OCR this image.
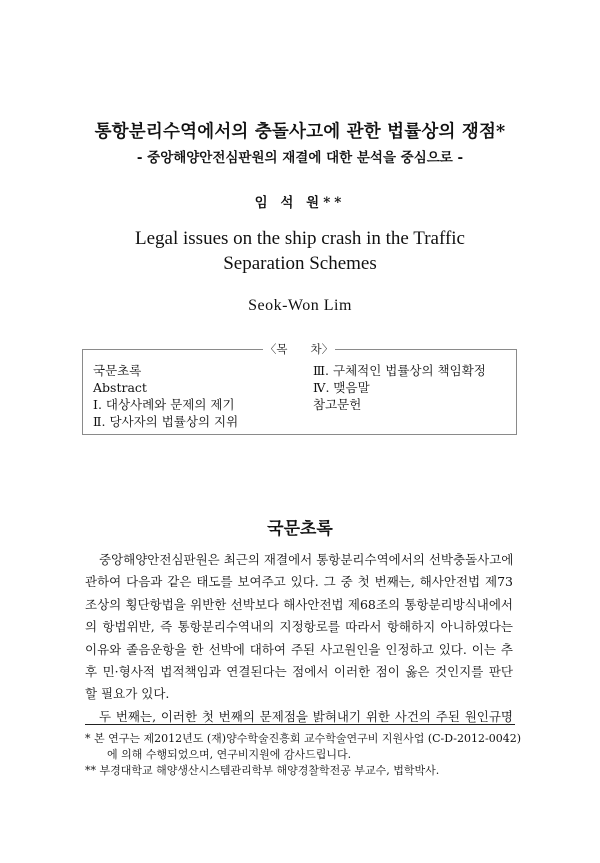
통항분리수역에서의 충돌사고에 관한 법률상의 쟁점*
- 중앙해양안전심판원의 재결에 대한 분석을 중심으로 -
임 석 원**
Legal issues on the ship crash in the Traffic
Separation Schemes
Seok-Won Lim
〈목　　차〉
국문초록
Abstract
Ⅰ. 대상사례와 문제의 제기
Ⅱ. 당사자의 법률상의 지위
Ⅲ. 구체적인 법률상의 책임확정
Ⅳ. 맺음말
참고문헌
국문초록
중앙해양안전심판원은 최근의 재결에서 통항분리수역에서의 선박충돌사고에
관하여 다음과 같은 태도를 보여주고 있다. 그 중 첫 번째는, 해사안전법 제73
조상의 횡단항법을 위반한 선박보다 해사안전법 제68조의 통항분리방식내에서
의 항법위반, 즉 통항분리수역내의 지정항로를 따라서 항해하지 아니하였다는
이유와 졸음운항을 한 선박에 대하여 주된 사고원인을 인정하고 있다. 이는 추
후 민·형사적 법적책임과 연결된다는 점에서 이러한 점이 옳은 것인지를 판단
할 필요가 있다.
두 번째는, 이러한 첫 번째의 문제점을 밝혀내기 위한 사건의 주된 원인규명
* 본 연구는 제2012년도 (재)양수학술진흥회 교수학술연구비 지원사업 (C-D-2012-0042)
에 의해 수행되었으며, 연구비지원에 감사드립니다.
** 부경대학교 해양생산시스템관리학부 해양경찰학전공 부교수, 법학박사.
